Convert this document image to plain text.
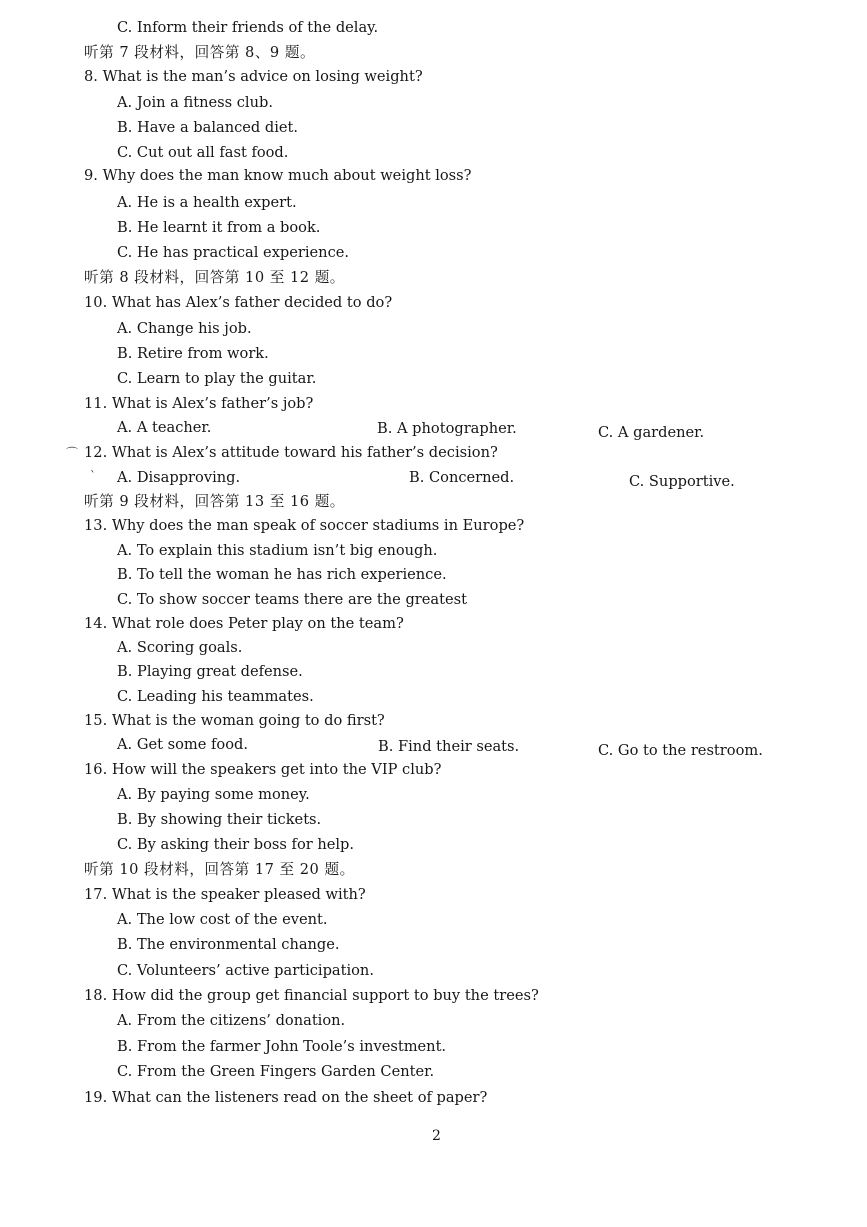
C. Inform their friends of the delay.
听第 7 段材料，回答第 8、9 题。
8. What is the man’s advice on losing weight?
A. Join a fitness club.
B. Have a balanced diet.
C. Cut out all fast food.
9. Why does the man know much about weight loss?
A. He is a health expert.
B. He learnt it from a book.
C. He has practical experience.
听第 8 段材料，回答第 10 至 12 题。
10. What has Alex’s father decided to do?
A. Change his job.
B. Retire from work.
C. Learn to play the guitar.
11. What is Alex’s father’s job?
A. A teacher.	B. A photographer.	C. A gardener.
⌒ 12. What is Alex’s attitude toward his father’s decision?
ˋ A. Disapproving.	B. Concerned.	C. Supportive.
听第 9 段材料，回答第 13 至 16 题。
13. Why does the man speak of soccer stadiums in Europe?
A. To explain this stadium isn’t big enough.
B. To tell the woman he has rich experience.
C. To show soccer teams there are the greatest
14. What role does Peter play on the team?
A. Scoring goals.
B. Playing great defense.
C. Leading his teammates.
15. What is the woman going to do first?
A. Get some food.	B. Find their seats.	C. Go to the restroom.
16. How will the speakers get into the VIP club?
A. By paying some money.
B. By showing their tickets.
C. By asking their boss for help.
听第 10 段材料，回答第 17 至 20 题。
17. What is the speaker pleased with?
A. The low cost of the event.
B. The environmental change.
C. Volunteers’ active participation.
18. How did the group get financial support to buy the trees?
A. From the citizens’ donation.
B. From the farmer John Toole’s investment.
C. From the Green Fingers Garden Center.
19. What can the listeners read on the sheet of paper?
2
